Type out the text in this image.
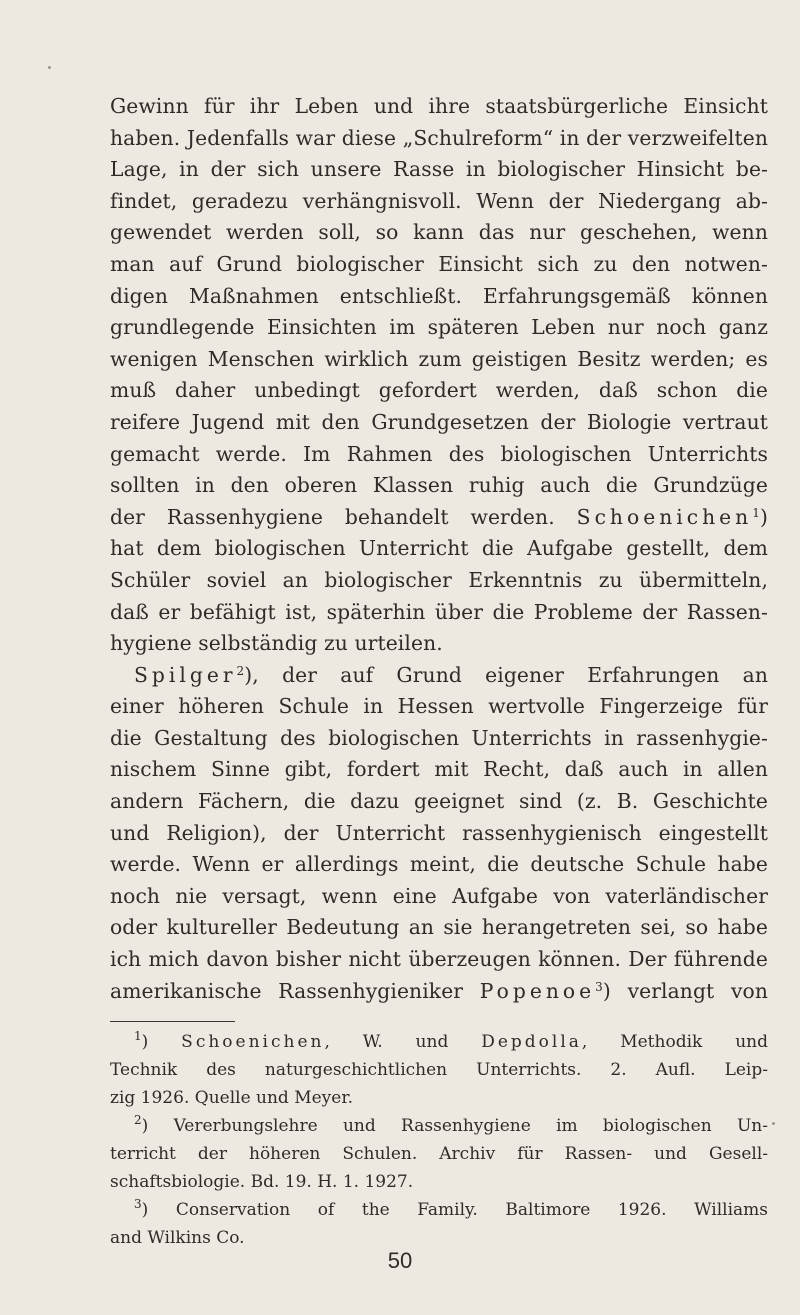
Gewinn für ihr Leben und ihre staatsbürgerliche Einsicht
haben. Jedenfalls war diese „Schulreform“ in der verzweifelten
Lage, in der sich unsere Rasse in biologischer Hinsicht be-
findet, geradezu verhängnisvoll. Wenn der Niedergang ab-
gewendet werden soll, so kann das nur geschehen, wenn
man auf Grund biologischer Einsicht sich zu den notwen-
digen Maßnahmen entschließt. Erfahrungsgemäß können
grundlegende Einsichten im späteren Leben nur noch ganz
wenigen Menschen wirklich zum geistigen Besitz werden; es
muß daher unbedingt gefordert werden, daß schon die
reifere Jugend mit den Grundgesetzen der Biologie vertraut
gemacht werde. Im Rahmen des biologischen Unterrichts
sollten in den oberen Klassen ruhig auch die Grundzüge
der Rassenhygiene behandelt werden. Schoenichen$^1$)
hat dem biologischen Unterricht die Aufgabe gestellt, dem
Schüler soviel an biologischer Erkenntnis zu übermitteln,
daß er befähigt ist, späterhin über die Probleme der Rassen-
hygiene selbständig zu urteilen.
Spilger$^2$), der auf Grund eigener Erfahrungen an
einer höheren Schule in Hessen wertvolle Fingerzeige für
die Gestaltung des biologischen Unterrichts in rassenhygie-
nischem Sinne gibt, fordert mit Recht, daß auch in allen
andern Fächern, die dazu geeignet sind (z. B. Geschichte
und Religion), der Unterricht rassenhygienisch eingestellt
werde. Wenn er allerdings meint, die deutsche Schule habe
noch nie versagt, wenn eine Aufgabe von vaterländischer
oder kultureller Bedeutung an sie herangetreten sei, so habe
ich mich davon bisher nicht überzeugen können. Der führende
amerikanische Rassenhygieniker Popenoe$^3$) verlangt von
$^1$) Schoenichen, W. und Depdolla, Methodik und
Technik des naturgeschichtlichen Unterrichts. 2. Aufl. Leip-
zig 1926. Quelle und Meyer.
$^2$) Vererbungslehre und Rassenhygiene im biologischen Un-
terricht der höheren Schulen. Archiv für Rassen- und Gesell-
schaftsbiologie. Bd. 19. H. 1. 1927.
$^3$) Conservation of the Family. Baltimore 1926. Williams
and Wilkins Co.
50
